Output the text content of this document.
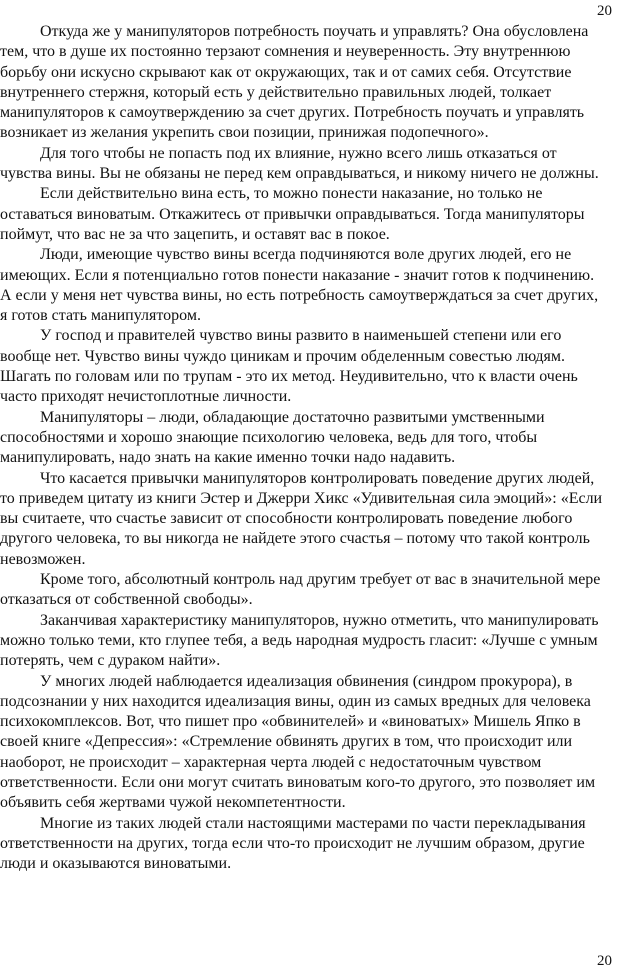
20

Откуда же у манипуляторов потребность поучать и управлять? Она обусловлена тем, что в душе их постоянно терзают сомнения и неуверенность. Эту внутреннюю борьбу они искусно скрывают как от окружающих, так и от самих себя. Отсутствие внутреннего стержня, который есть у действительно правильных людей, толкает манипуляторов к самоутверждению за счет других. Потребность поучать и управлять возникает из желания укрепить свои позиции, принижая подопечного».

Для того чтобы не попасть под их влияние, нужно всего лишь отказаться от чувства вины. Вы не обязаны не перед кем оправдываться, и никому ничего не должны.

Если действительно вина есть, то можно понести наказание, но только не оставаться виноватым. Откажитесь от привычки оправдываться. Тогда манипуляторы поймут, что вас не за что зацепить, и оставят вас в покое.

Люди, имеющие чувство вины всегда подчиняются воле других людей, его не имеющих. Если я потенциально готов понести наказание - значит готов к подчинению. А если у меня нет чувства вины, но есть потребность самоутверждаться за счет других, я готов стать манипулятором.

У господ и правителей чувство вины развито в наименьшей степени или его вообще нет. Чувство вины чуждо циникам и прочим обделенным совестью людям. Шагать по головам или по трупам - это их метод. Неудивительно, что к власти очень часто приходят нечистоплотные личности.

Манипуляторы – люди, обладающие достаточно развитыми умственными способностями и хорошо знающие психологию человека, ведь для того, чтобы манипулировать, надо знать на какие именно точки надо надавить.

Что касается привычки манипуляторов контролировать поведение других людей, то приведем цитату из книги Эстер и Джерри Хикс «Удивительная сила эмоций»: «Если вы считаете, что счастье зависит от способности контролировать поведение любого другого человека, то вы никогда не найдете этого счастья – потому что такой контроль невозможен.

Кроме того, абсолютный контроль над другим требует от вас в значительной мере отказаться от собственной свободы».

Заканчивая характеристику манипуляторов, нужно отметить, что манипулировать можно только теми, кто глупее тебя, а ведь народная мудрость гласит: «Лучше с умным потерять, чем с дураком найти».

У многих людей наблюдается идеализация обвинения (синдром прокурора), в подсознании у них находится идеализация вины, один из самых вредных для человека психокомплексов. Вот, что пишет про «обвинителей» и «виноватых» Мишель Япко в своей книге «Депрессия»: «Стремление обвинять других в том, что происходит или наоборот, не происходит – характерная черта людей с недостаточным чувством ответственности. Если они могут считать виноватым кого-то другого, это позволяет им объявить себя жертвами чужой некомпетентности.

Многие из таких людей стали настоящими мастерами по части перекладывания ответственности на других, тогда если что-то происходит не лучшим образом, другие люди и оказываются виноватыми.

20
